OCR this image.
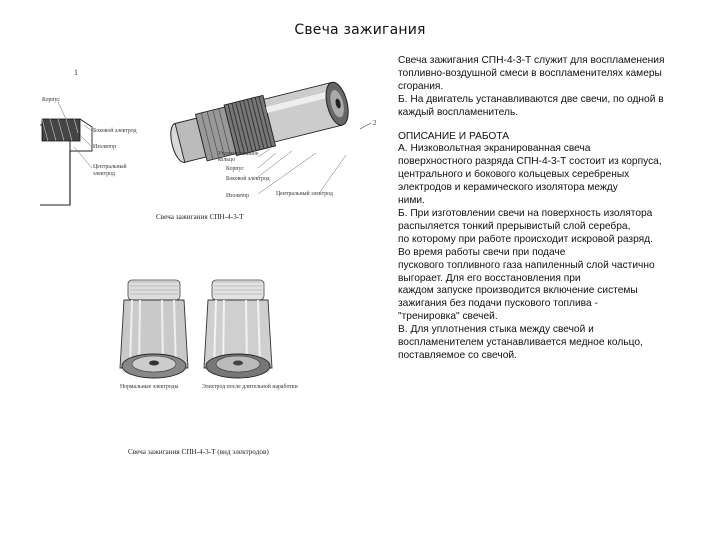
Свеча зажигания
1
Корпус
Боковой электрод
Изолятор
Центральный
электрод
2
Уплотнительное
кольцо
Корпус
Боковой электрод
Изолятор	Центральный электрод
Свеча зажигания СПН-4-3-Т
Нормальные электроды	Электрод после длительной наработки
Свеча зажигания СПН-4-3-Т (вид электродов)

Свеча зажигания СПН-4-3-Т служит для воспламенения топливно-воздушной смеси в воспламенителях камеры сгорания.

Б. На двигатель устанавливаются две свечи, по одной в каждый воспламенитель.

ОПИСАНИЕ И РАБОТА

А. Низковольтная экранированная свеча поверхностного разряда СПН-4-3-Т состоит из корпуса,

центрального и бокового кольцевых серебреных электродов и керамического изолятора между

ними.

Б. При изготовлении свечи на поверхность изолятора распыляется тонкий прерывистый слой серебра,

по которому при работе происходит искровой разряд. Во время работы свечи при подаче

пускового топливного газа напиленный слой частично выгорает. Для его восстановления при

каждом запуске производится включение системы зажигания без подачи пускового топлива -

"тренировка" свечей.

В. Для уплотнения стыка между свечой и воспламенителем устанавливается медное кольцо,

поставляемое со свечой.
